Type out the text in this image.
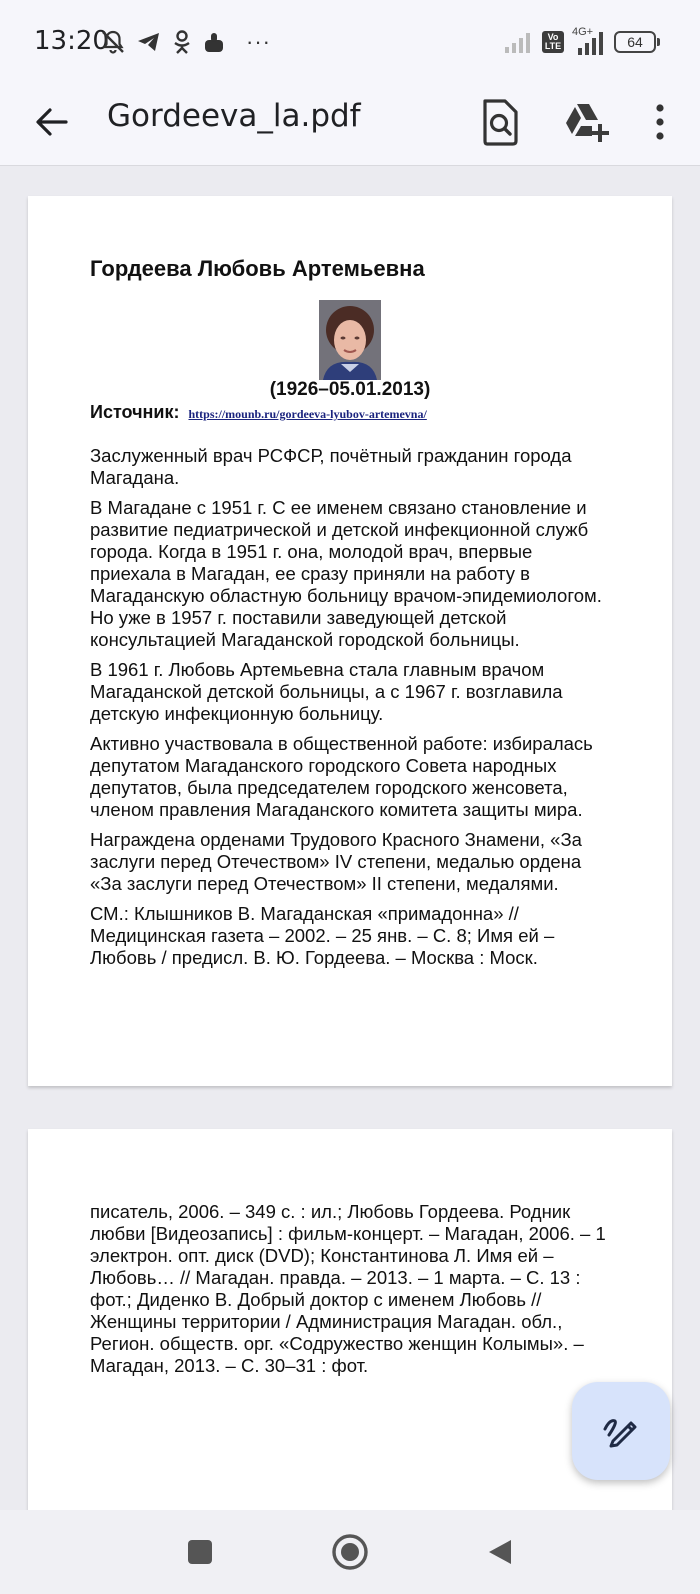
13:20	···	Vo LTE
4G+
64
Gordeeva_la.pdf
Гордеева Любовь Артемьевна
(1926–05.01.2013)
Источник: https://mounb.ru/gordeeva-lyubov-artemevna/

Заслуженный врач РСФСР, почётный гражданин города Магадана.

В Магадане с 1951 г. С ее именем связано становление и развитие педиатрической и детской инфекционной служб города. Когда в 1951 г. она, молодой врач, впервые приехала в Магадан, ее сразу приняли на работу в Магаданскую областную больницу врачом-эпидемиологом. Но уже в 1957 г. поставили заведующей детской консультацией Магаданской городской больницы.

В 1961 г. Любовь Артемьевна стала главным врачом Магаданской детской больницы, а с 1967 г. возглавила детскую инфекционную больницу.

Активно участвовала в общественной работе: избиралась депутатом Магаданского городского Совета народных депутатов, была председателем городского женсовета, членом правления Магаданского комитета защиты мира.

Награждена орденами Трудового Красного Знамени, «За заслуги перед Отечеством» IV степени, медалью ордена «За заслуги перед Отечеством» II степени, медалями.

СМ.: Клышников В. Магаданская «примадонна» // Медицинская газета – 2002. – 25 янв. – С. 8; Имя ей – Любовь / предисл. В. Ю. Гордеева. – Москва : Моск.

писатель, 2006. – 349 с. : ил.; Любовь Гордеева. Родник любви [Видеозапись] : фильм-концерт. – Магадан, 2006. – 1 электрон. опт. диск (DVD); Константинова Л. Имя ей – Любовь… // Магадан. правда. – 2013. – 1 марта. – С. 13 : фот.; Диденко В. Добрый доктор с именем Любовь // Женщины территории / Администрация Магадан. обл., Регион. обществ. орг. «Содружество женщин Колымы». – Магадан, 2013. – С. 30–31 : фот.
